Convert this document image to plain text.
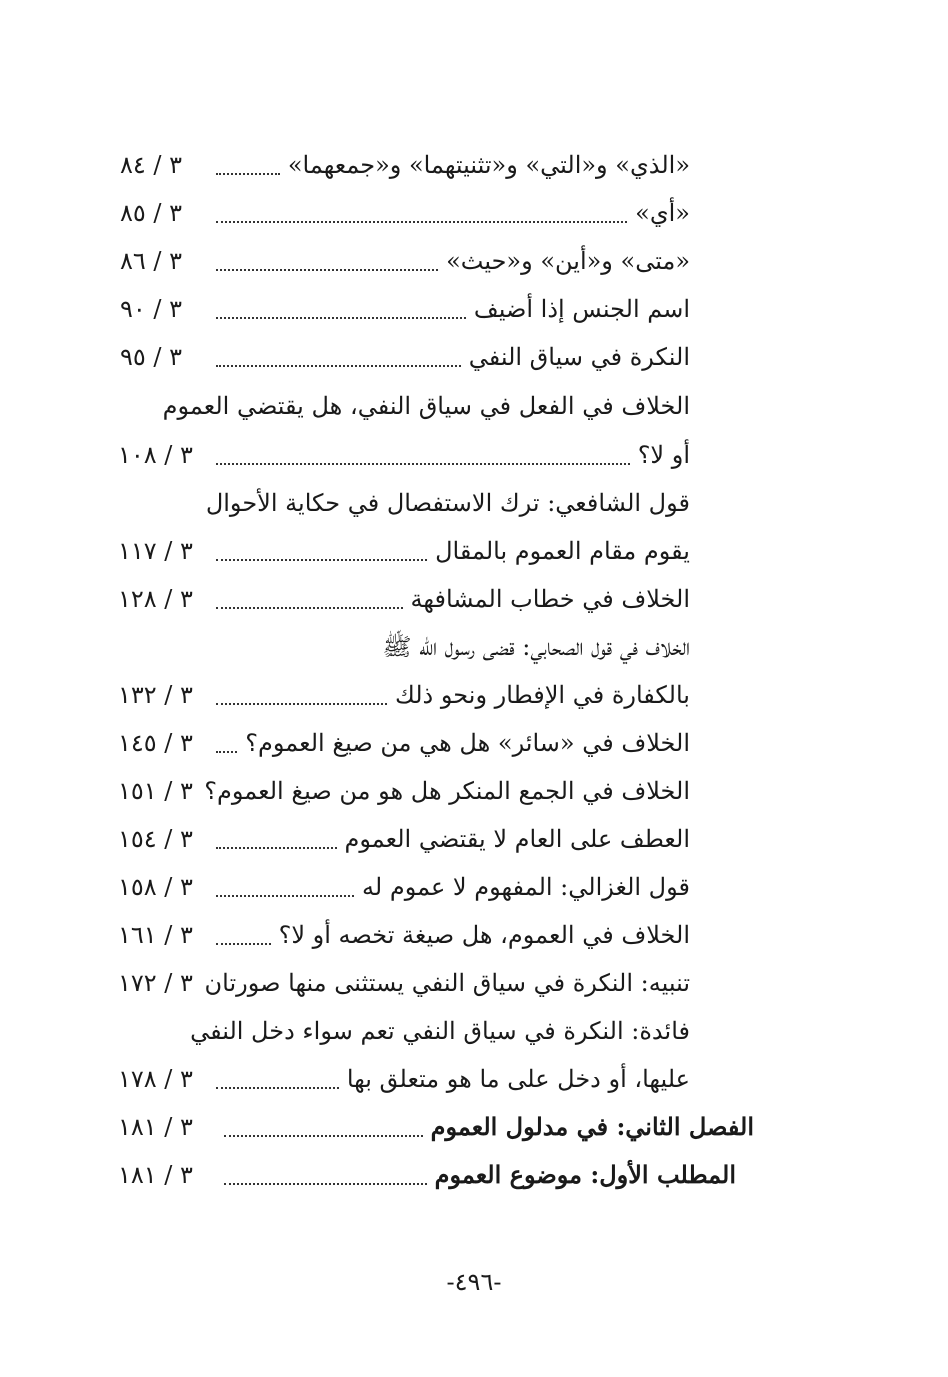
«الذي» و«التي» و«تثنيتهما» و«جمعهما»
٣ / ٨٤
«أي»
٣ / ٨٥
«متى» و«أين» و«حيث»
٣ / ٨٦
اسم الجنس إذا أضيف
٣ / ٩٠
النكرة في سياق النفي
٣ / ٩٥
الخلاف في الفعل في سياق النفي، هل يقتضي العموم
أو لا؟
٣ / ١٠٨
قول الشافعي: ترك الاستفصال في حكاية الأحوال
يقوم مقام العموم بالمقال
٣ / ١١٧
الخلاف في خطاب المشافهة
٣ / ١٢٨
الخلاف في قول الصحابي: قضى رسول الله ﷺ
بالكفارة في الإفطار ونحو ذلك
٣ / ١٣٢
الخلاف في «سائر» هل هي من صيغ العموم؟
٣ / ١٤٥
الخلاف في الجمع المنكر هل هو من صيغ العموم؟
٣ / ١٥١
العطف على العام لا يقتضي العموم
٣ / ١٥٤
قول الغزالي: المفهوم لا عموم له
٣ / ١٥٨
الخلاف في العموم، هل صيغة تخصه أو لا؟
٣ / ١٦١
تنبيه: النكرة في سياق النفي يستثنى منها صورتان
٣ / ١٧٢
فائدة: النكرة في سياق النفي تعم سواء دخل النفي
عليها، أو دخل على ما هو متعلق بها
٣ / ١٧٨
الفصل الثاني: في مدلول العموم
٣ / ١٨١
المطلب الأول: موضوع العموم
٣ / ١٨١
-٤٩٦-
